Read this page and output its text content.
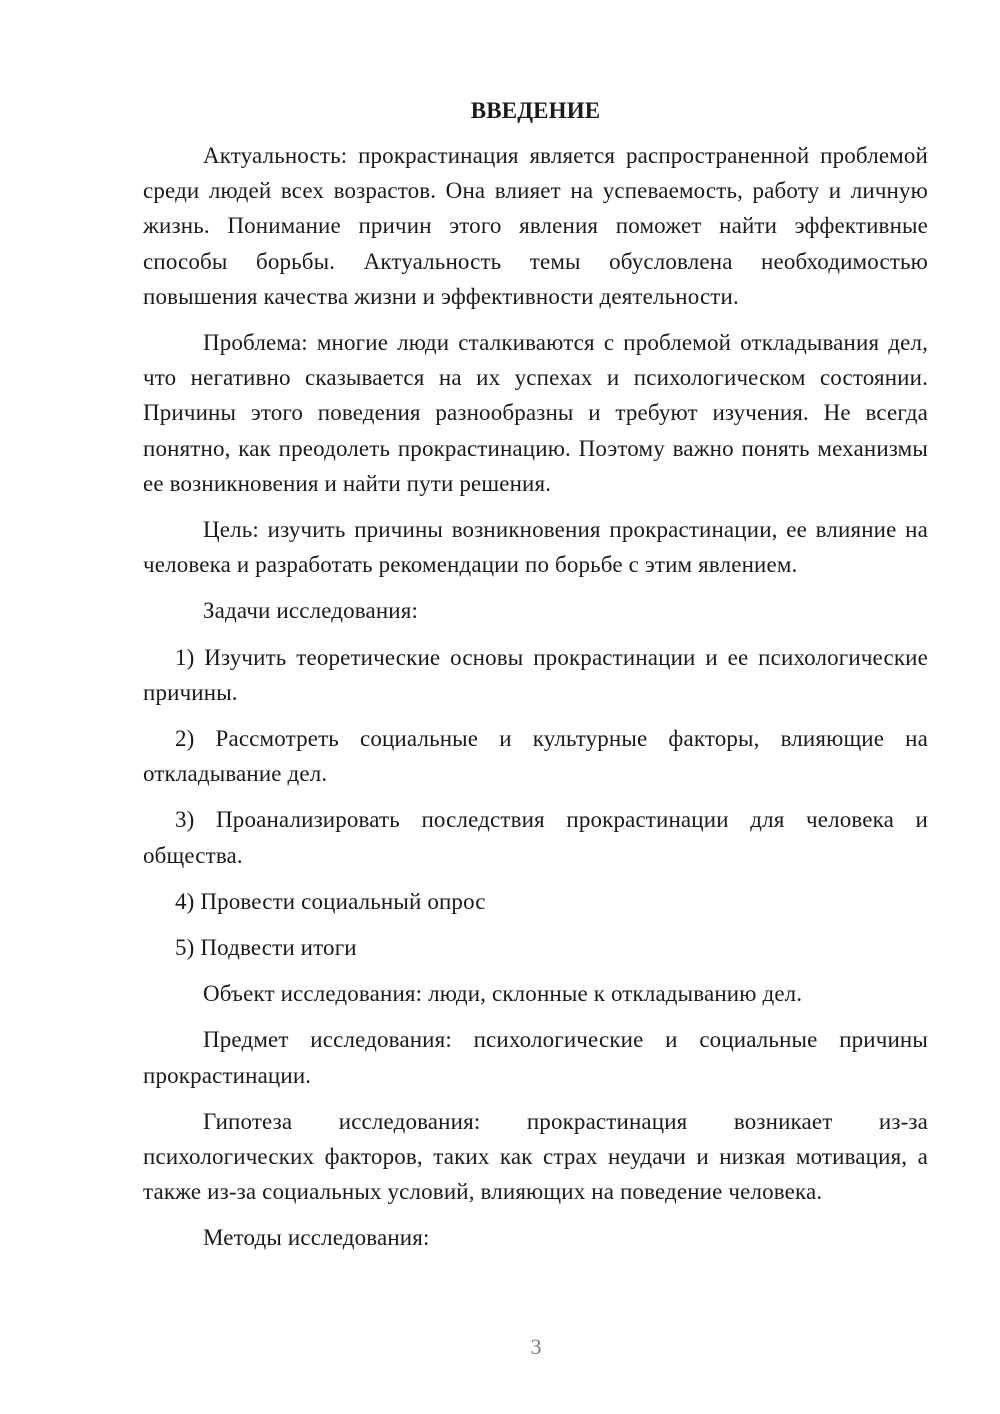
ВВЕДЕНИЕ

Актуальность: прокрастинация является распространенной проблемой среди людей всех возрастов. Она влияет на успеваемость, работу и личную жизнь. Понимание причин этого явления поможет найти эффективные способы борьбы. Актуальность темы обусловлена необходимостью повышения качества жизни и эффективности деятельности.

Проблема: многие люди сталкиваются с проблемой откладывания дел, что негативно сказывается на их успехах и психологическом состоянии. Причины этого поведения разнообразны и требуют изучения. Не всегда понятно, как преодолеть прокрастинацию. Поэтому важно понять механизмы ее возникновения и найти пути решения.

Цель: изучить причины возникновения прокрастинации, ее влияние на человека и разработать рекомендации по борьбе с этим явлением.

Задачи исследования:

1) Изучить теоретические основы прокрастинации и ее психологические причины.

2) Рассмотреть социальные и культурные факторы, влияющие на откладывание дел.

3) Проанализировать последствия прокрастинации для человека и общества.

4) Провести социальный опрос

5) Подвести итоги

Объект исследования: люди, склонные к откладыванию дел.

Предмет исследования: психологические и социальные причины прокрастинации.

Гипотеза исследования: прокрастинация возникает из-за психологических факторов, таких как страх неудачи и низкая мотивация, а также из-за социальных условий, влияющих на поведение человека.

Методы исследования:

3
